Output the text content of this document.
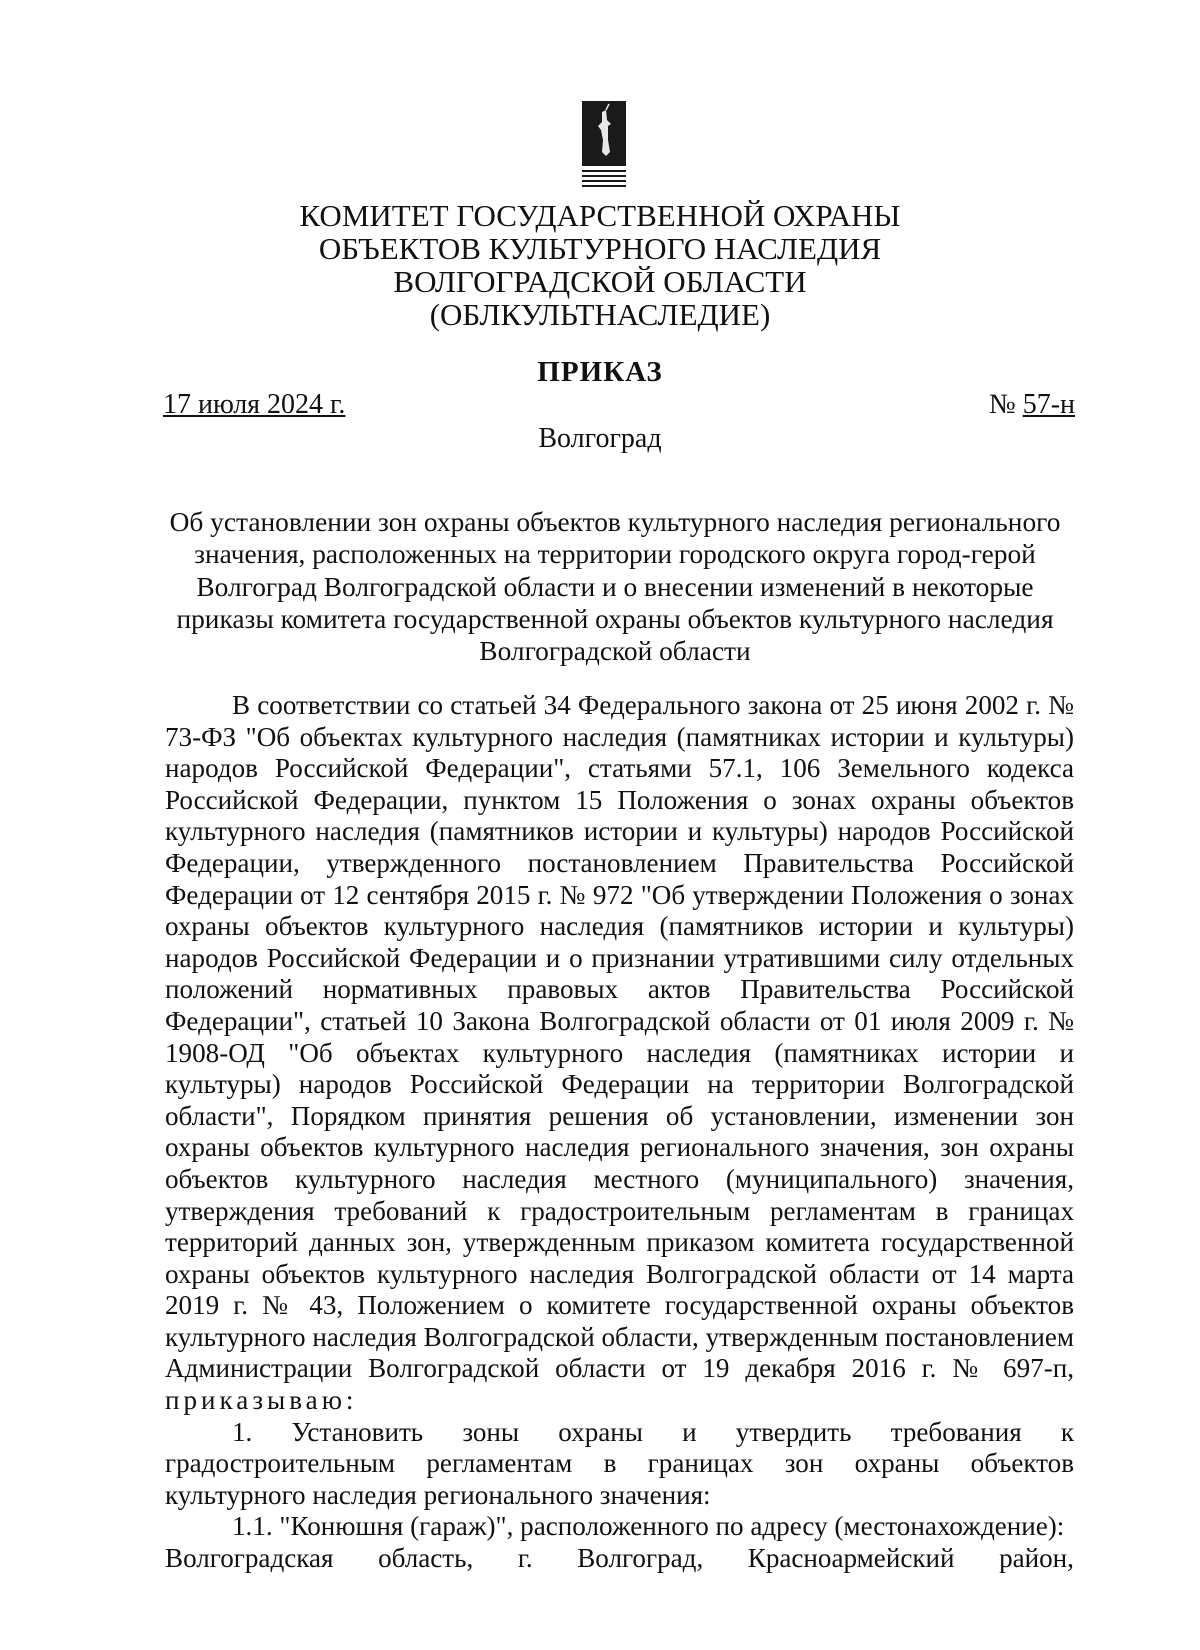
КОМИТЕТ ГОСУДАРСТВЕННОЙ ОХРАНЫ
ОБЪЕКТОВ КУЛЬТУРНОГО НАСЛЕДИЯ
ВОЛГОГРАДСКОЙ ОБЛАСТИ
(ОБЛКУЛЬТНАСЛЕДИЕ)
ПРИКАЗ
17 июля 2024 г.	№ 57-н
Волгоград
Об установлении зон охраны объектов культурного наследия регионального значения, расположенных на территории городского округа город-герой Волгоград Волгоградской области и о внесении изменений в некоторые приказы комитета государственной охраны объектов культурного наследия Волгоградской области

В соответствии со статьей 34 Федерального закона от 25 июня 2002 г. № 73-ФЗ "Об объектах культурного наследия (памятниках истории и культуры) народов Российской Федерации", статьями 57.1, 106 Земельного кодекса Российской Федерации, пунктом 15 Положения о зонах охраны объектов культурного наследия (памятников истории и культуры) народов Российской Федерации, утвержденного постановлением Правительства Российской Федерации от 12 сентября 2015 г. № 972 "Об утверждении Положения о зонах охраны объектов культурного наследия (памятников истории и культуры) народов Российской Федерации и о признании утратившими силу отдельных положений нормативных правовых актов Правительства Российской Федерации", статьей 10 Закона Волгоградской области от 01 июля 2009 г. № 1908-ОД "Об объектах культурного наследия (памятниках истории и культуры) народов Российской Федерации на территории Волгоградской области", Порядком принятия решения об установлении, изменении зон охраны объектов культурного наследия регионального значения, зон охраны объектов культурного наследия местного (муниципального) значения, утверждения требований к градостроительным регламентам в границах территорий данных зон, утвержденным приказом комитета государственной охраны объектов культурного наследия Волгоградской области от 14 марта 2019 г. № 43, Положением о комитете государственной охраны объектов культурного наследия Волгоградской области, утвержденным постановлением Администрации Волгоградской области от 19 декабря 2016 г. № 697-п, приказываю:

1. Установить зоны охраны и утвердить требования к градостроительным регламентам в границах зон охраны объектов культурного наследия регионального значения:

1.1. "Конюшня (гараж)", расположенного по адресу (местонахождение):

Волгоградская область, г. Волгоград, Красноармейский район,
